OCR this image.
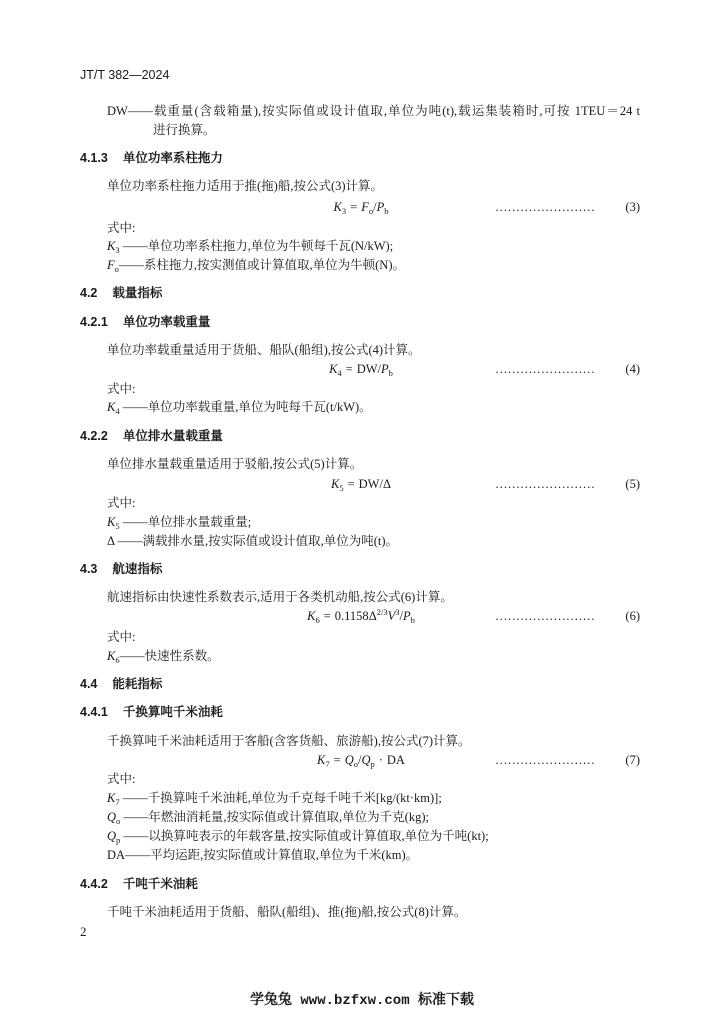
JT/T 382—2024
DW——载重量(含载箱量),按实际值或设计值取,单位为吨(t),载运集装箱时,可按 1TEU＝24 t
进行换算。
4.1.3 单位功率系柱拖力
单位功率系柱拖力适用于推(拖)船,按公式(3)计算。
$K_3 = F_o/P_b$	……………………	(3)
式中:
$K_3$ ——单位功率系柱拖力,单位为牛顿每千瓦(N/kW);
$F_o——$系柱拖力,按实测值或计算值取,单位为牛顿(N)。
4.2 载量指标
4.2.1 单位功率载重量
单位功率载重量适用于货船、船队(船组),按公式(4)计算。
$K_4 = DW/P_b$	……………………	(4)
式中:
$K_4$ ——单位功率载重量,单位为吨每千瓦(t/kW)。
4.2.2 单位排水量载重量
单位排水量载重量适用于驳船,按公式(5)计算。
$K_5 = DW/\Delta$	……………………	(5)
式中:
$K_5$ ——单位排水量载重量;
Δ ——满载排水量,按实际值或设计值取,单位为吨(t)。
4.3 航速指标
航速指标由快速性系数表示,适用于各类机动船,按公式(6)计算。
$K_6 = 0.1158\Delta^{2/3}V^3/P_b$	……………………	(6)
式中:
$K_6——$快速性系数。
4.4 能耗指标
4.4.1 千换算吨千米油耗
千换算吨千米油耗适用于客船(含客货船、旅游船),按公式(7)计算。
$K_7 = Q_o/Q_p$ · DA	……………………	(7)
式中:
$K_7$ ——千换算吨千米油耗,单位为千克每千吨千米[kg/(kt·km)];
$Q_o$ ——年燃油消耗量,按实际值或计算值取,单位为千克(kg);
$Q_p$ ——以换算吨表示的年载客量,按实际值或计算值取,单位为千吨(kt);
DA——平均运距,按实际值或计算值取,单位为千米(km)。
4.4.2 千吨千米油耗
千吨千米油耗适用于货船、船队(船组)、推(拖)船,按公式(8)计算。
2
学兔兔 www.bzfxw.com 标准下载
